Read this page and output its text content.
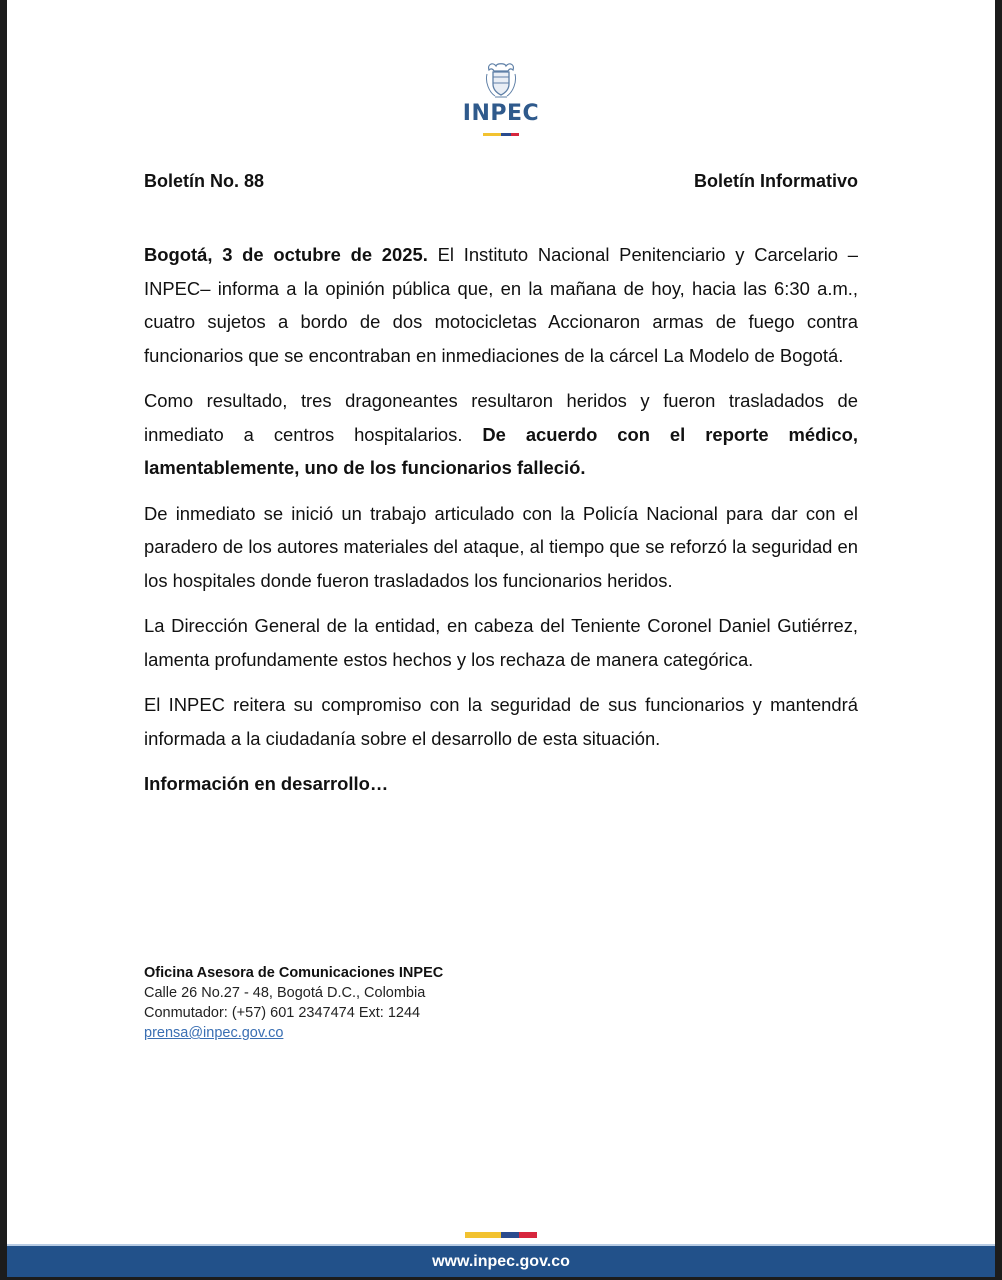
INPEC
Boletín No. 88	Boletín Informativo

Bogotá, 3 de octubre de 2025. El Instituto Nacional Penitenciario y Carcelario –INPEC– informa a la opinión pública que, en la mañana de hoy, hacia las 6:30 a.m., cuatro sujetos a bordo de dos motocicletas Accionaron armas de fuego contra funcionarios que se encontraban en inmediaciones de la cárcel La Modelo de Bogotá.

Como resultado, tres dragoneantes resultaron heridos y fueron trasladados de inmediato a centros hospitalarios. De acuerdo con el reporte médico, lamentablemente, uno de los funcionarios falleció.

De inmediato se inició un trabajo articulado con la Policía Nacional para dar con el paradero de los autores materiales del ataque, al tiempo que se reforzó la seguridad en los hospitales donde fueron trasladados los funcionarios heridos.

La Dirección General de la entidad, en cabeza del Teniente Coronel Daniel Gutiérrez, lamenta profundamente estos hechos y los rechaza de manera categórica.

El INPEC reitera su compromiso con la seguridad de sus funcionarios y mantendrá informada a la ciudadanía sobre el desarrollo de esta situación.

Información en desarrollo…

Oficina Asesora de Comunicaciones INPEC
Calle 26 No.27 - 48, Bogotá D.C., Colombia
Conmutador: (+57) 601 2347474 Ext: 1244
prensa@inpec.gov.co
www.inpec.gov.co
